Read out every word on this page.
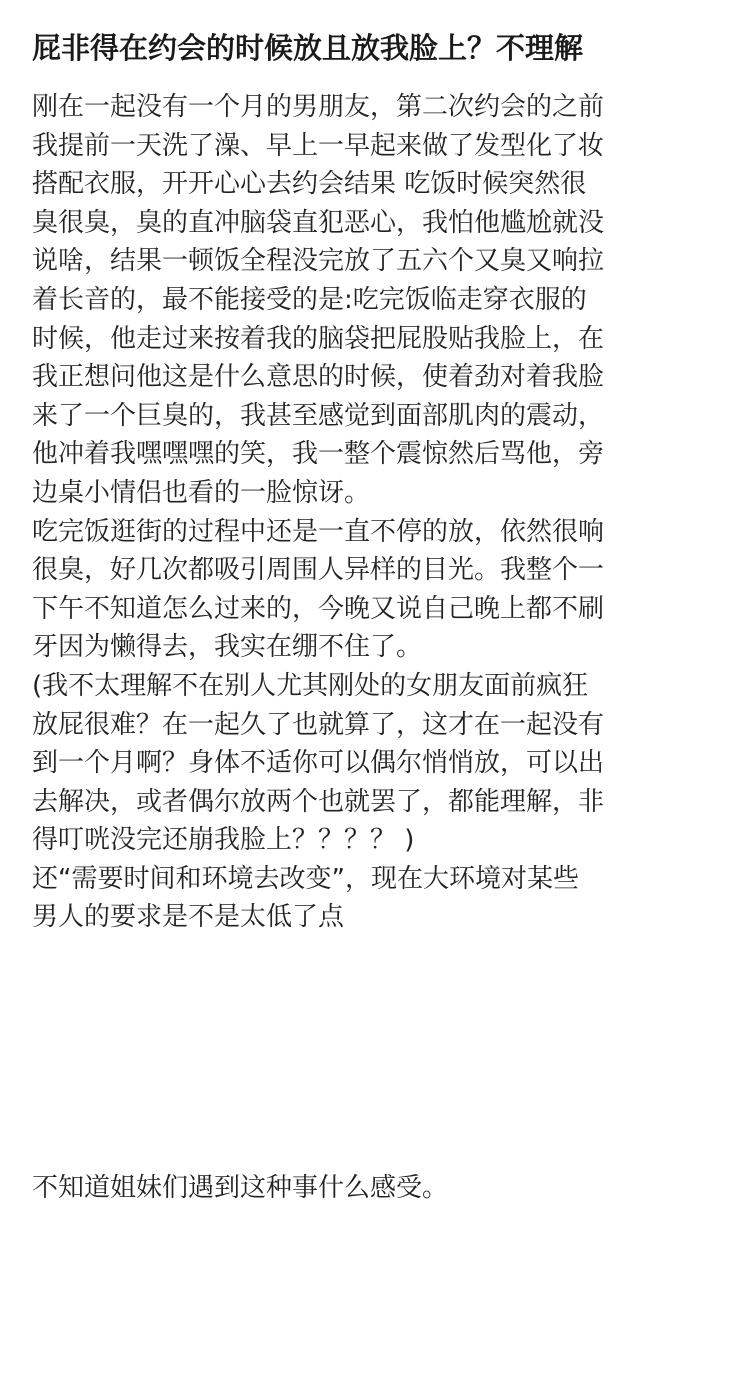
屁非得在约会的时候放且放我脸上？不理解
刚在一起没有一个月的男朋友，第二次约会的之前
我提前一天洗了澡、早上一早起来做了发型化了妆
搭配衣服，开开心心去约会结果 吃饭时候突然很
臭很臭，臭的直冲脑袋直犯恶心，我怕他尴尬就没
说啥，结果一顿饭全程没完放了五六个又臭又响拉
着长音的，最不能接受的是:吃完饭临走穿衣服的
时候，他走过来按着我的脑袋把屁股贴我脸上，在
我正想问他这是什么意思的时候，使着劲对着我脸
来了一个巨臭的，我甚至感觉到面部肌肉的震动，
他冲着我嘿嘿嘿的笑，我一整个震惊然后骂他，旁
边桌小情侣也看的一脸惊讶。
吃完饭逛街的过程中还是一直不停的放，依然很响
很臭，好几次都吸引周围人异样的目光。我整个一
下午不知道怎么过来的，今晚又说自己晚上都不刷
牙因为懒得去，我实在绷不住了。
(我不太理解不在别人尤其刚处的女朋友面前疯狂
放屁很难？在一起久了也就算了，这才在一起没有
到一个月啊？身体不适你可以偶尔悄悄放，可以出
去解决，或者偶尔放两个也就罢了，都能理解，非
得叮咣没完还崩我脸上？？？？ )
还“需要时间和环境去改变”，现在大环境对某些
男人的要求是不是太低了点
不知道姐妹们遇到这种事什么感受。
